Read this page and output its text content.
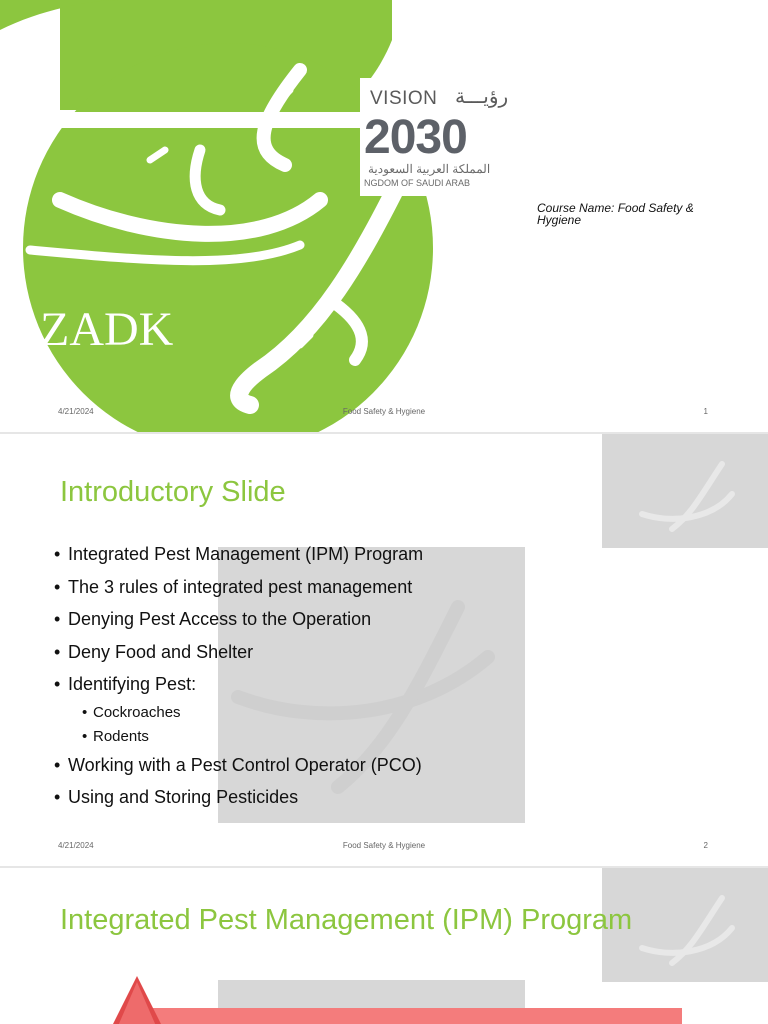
ZADK
VISION رؤيـــة
2030
المملكة العربية السعودية
NGDOM OF SAUDI ARAB
Course Name: Food Safety & Hygiene
4/21/2024	Food Safety & Hygiene	1
Introductory Slide
• Integrated Pest Management (IPM) Program
• The 3 rules of integrated pest management
• Denying Pest Access to the Operation
• Deny Food and Shelter
• Identifying Pest:
• Cockroaches
• Rodents
• Working with a Pest Control Operator (PCO)
• Using and Storing Pesticides
4/21/2024	Food Safety & Hygiene	2
Integrated Pest Management (IPM) Program
